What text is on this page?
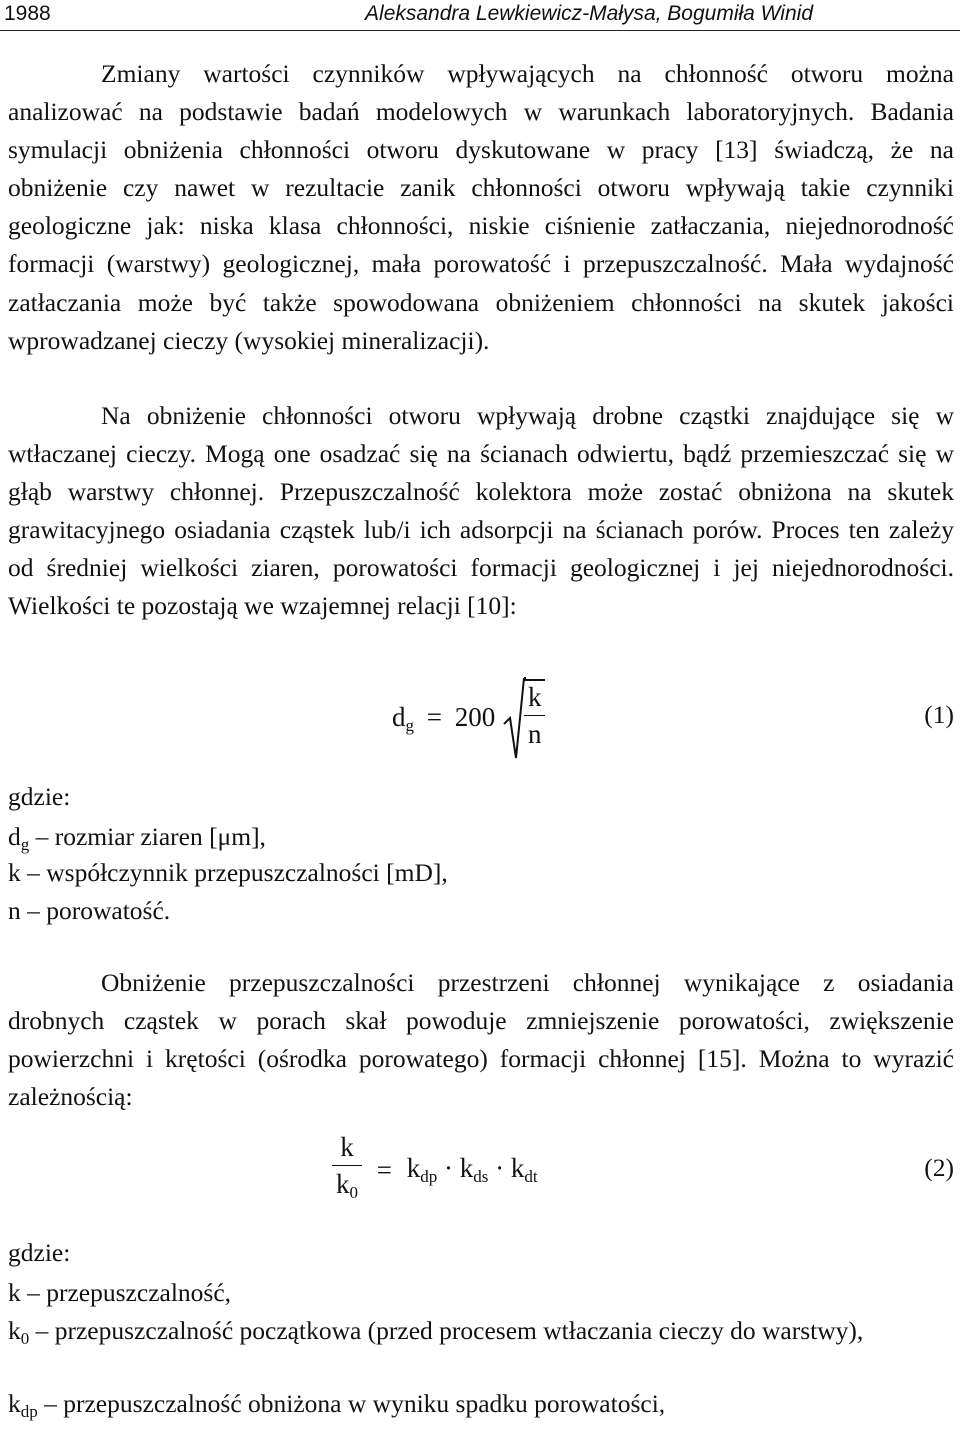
1988	Aleksandra Lewkiewicz-Małysa, Bogumiła Winid

Zmiany wartości czynników wpływających na chłonność otworu można analizować na podstawie badań modelowych w warunkach laboratoryjnych. Badania symulacji obniżenia chłonności otworu dyskutowane w pracy [13] świadczą, że na obniżenie czy nawet w rezultacie zanik chłonności otworu wpływają takie czynniki geologiczne jak: niska klasa chłonności, niskie ciśnienie zatłaczania, niejednorodność formacji (warstwy) geologicznej, mała porowatość i przepuszczalność. Mała wydajność zatłaczania może być także spowodowana obniżeniem chłonności na skutek jakości wprowadzanej cieczy (wysokiej mineralizacji).

Na obniżenie chłonności otworu wpływają drobne cząstki znajdujące się w wtłaczanej cieczy. Mogą one osadzać się na ścianach odwiertu, bądź przemieszczać się w głąb warstwy chłonnej. Przepuszczalność kolektora może zostać obniżona na skutek grawitacyjnego osiadania cząstek lub/i ich adsorpcji na ścianach porów. Proces ten zależy od średniej wielkości ziaren, porowatości formacji geologicznej i jej niejednorodności. Wielkości te pozostają we wzajemnej relacji [10]:

$d_g = 200 \frac{k}{n}$	(1)
gdzie:
$d_g$ – rozmiar ziaren [μm],
k – współczynnik przepuszczalności [mD],
n – porowatość.

Obniżenie przepuszczalności przestrzeni chłonnej wynikające z osiadania drobnych cząstek w porach skał powoduje zmniejszenie porowatości, zwiększenie powierzchni i krętości (ośrodka porowatego) formacji chłonnej [15]. Można to wyrazić zależnością:

$\frac{k}{k_0} = k_{dp} \cdot k_{ds} \cdot k_{dt}$	(2)
gdzie:
k – przepuszczalność,
$k_0$ – przepuszczalność początkowa (przed procesem wtłaczania cieczy do warstwy),
$k_{dp}$ – przepuszczalność obniżona w wyniku spadku porowatości,
